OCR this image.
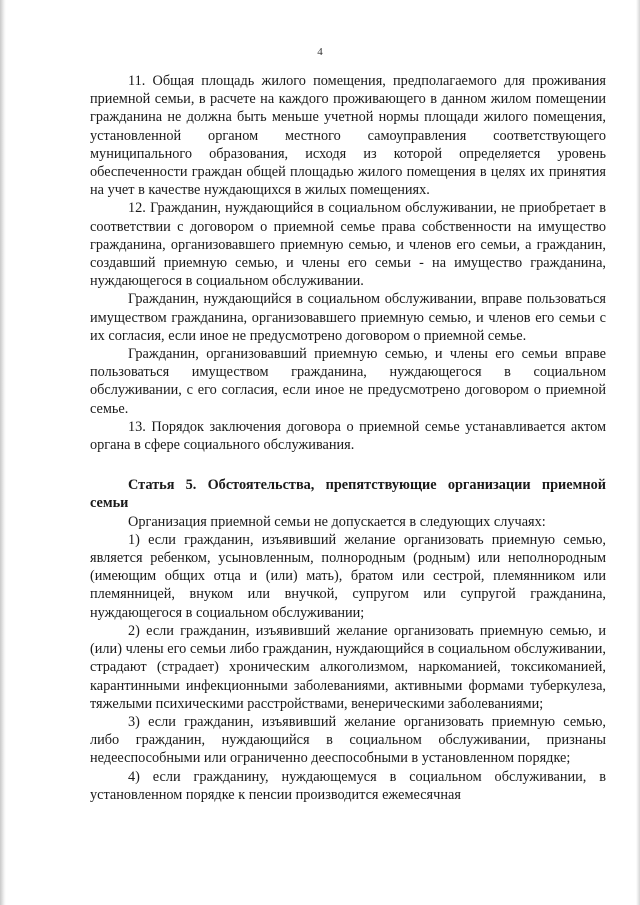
4

11. Общая площадь жилого помещения, предполагаемого для проживания приемной семьи, в расчете на каждого проживающего в данном жилом помещении гражданина не должна быть меньше учетной нормы площади жилого помещения, установленной органом местного самоуправления соответствующего муниципального образования, исходя из которой определяется уровень обеспеченности граждан общей площадью жилого помещения в целях их принятия на учет в качестве нуждающихся в жилых помещениях.

12. Гражданин, нуждающийся в социальном обслуживании, не приобретает в соответствии с договором о приемной семье права собственности на имущество гражданина, организовавшего приемную семью, и членов его семьи, а гражданин, создавший приемную семью, и члены его семьи - на имущество гражданина, нуждающегося в социальном обслуживании.

Гражданин, нуждающийся в социальном обслуживании, вправе пользоваться имуществом гражданина, организовавшего приемную семью, и членов его семьи с их согласия, если иное не предусмотрено договором о приемной семье.

Гражданин, организовавший приемную семью, и члены его семьи вправе пользоваться имуществом гражданина, нуждающегося в социальном обслуживании, с его согласия, если иное не предусмотрено договором о приемной семье.

13. Порядок заключения договора о приемной семье устанавливается актом органа в сфере социального обслуживания.

Статья 5. Обстоятельства, препятствующие организации приемной семьи

Организация приемной семьи не допускается в следующих случаях:

1) если гражданин, изъявивший желание организовать приемную семью, является ребенком, усыновленным, полнородным (родным) или неполнородным (имеющим общих отца и (или) мать), братом или сестрой, племянником или племянницей, внуком или внучкой, супругом или супругой гражданина, нуждающегося в социальном обслуживании;

2) если гражданин, изъявивший желание организовать приемную семью, и (или) члены его семьи либо гражданин, нуждающийся в социальном обслуживании, страдают (страдает) хроническим алкоголизмом, наркоманией, токсикоманией, карантинными инфекционными заболеваниями, активными формами туберкулеза, тяжелыми психическими расстройствами, венерическими заболеваниями;

3) если гражданин, изъявивший желание организовать приемную семью, либо гражданин, нуждающийся в социальном обслуживании, признаны недееспособными или ограниченно дееспособными в установленном порядке;

4) если гражданину, нуждающемуся в социальном обслуживании, в установленном порядке к пенсии производится ежемесячная
